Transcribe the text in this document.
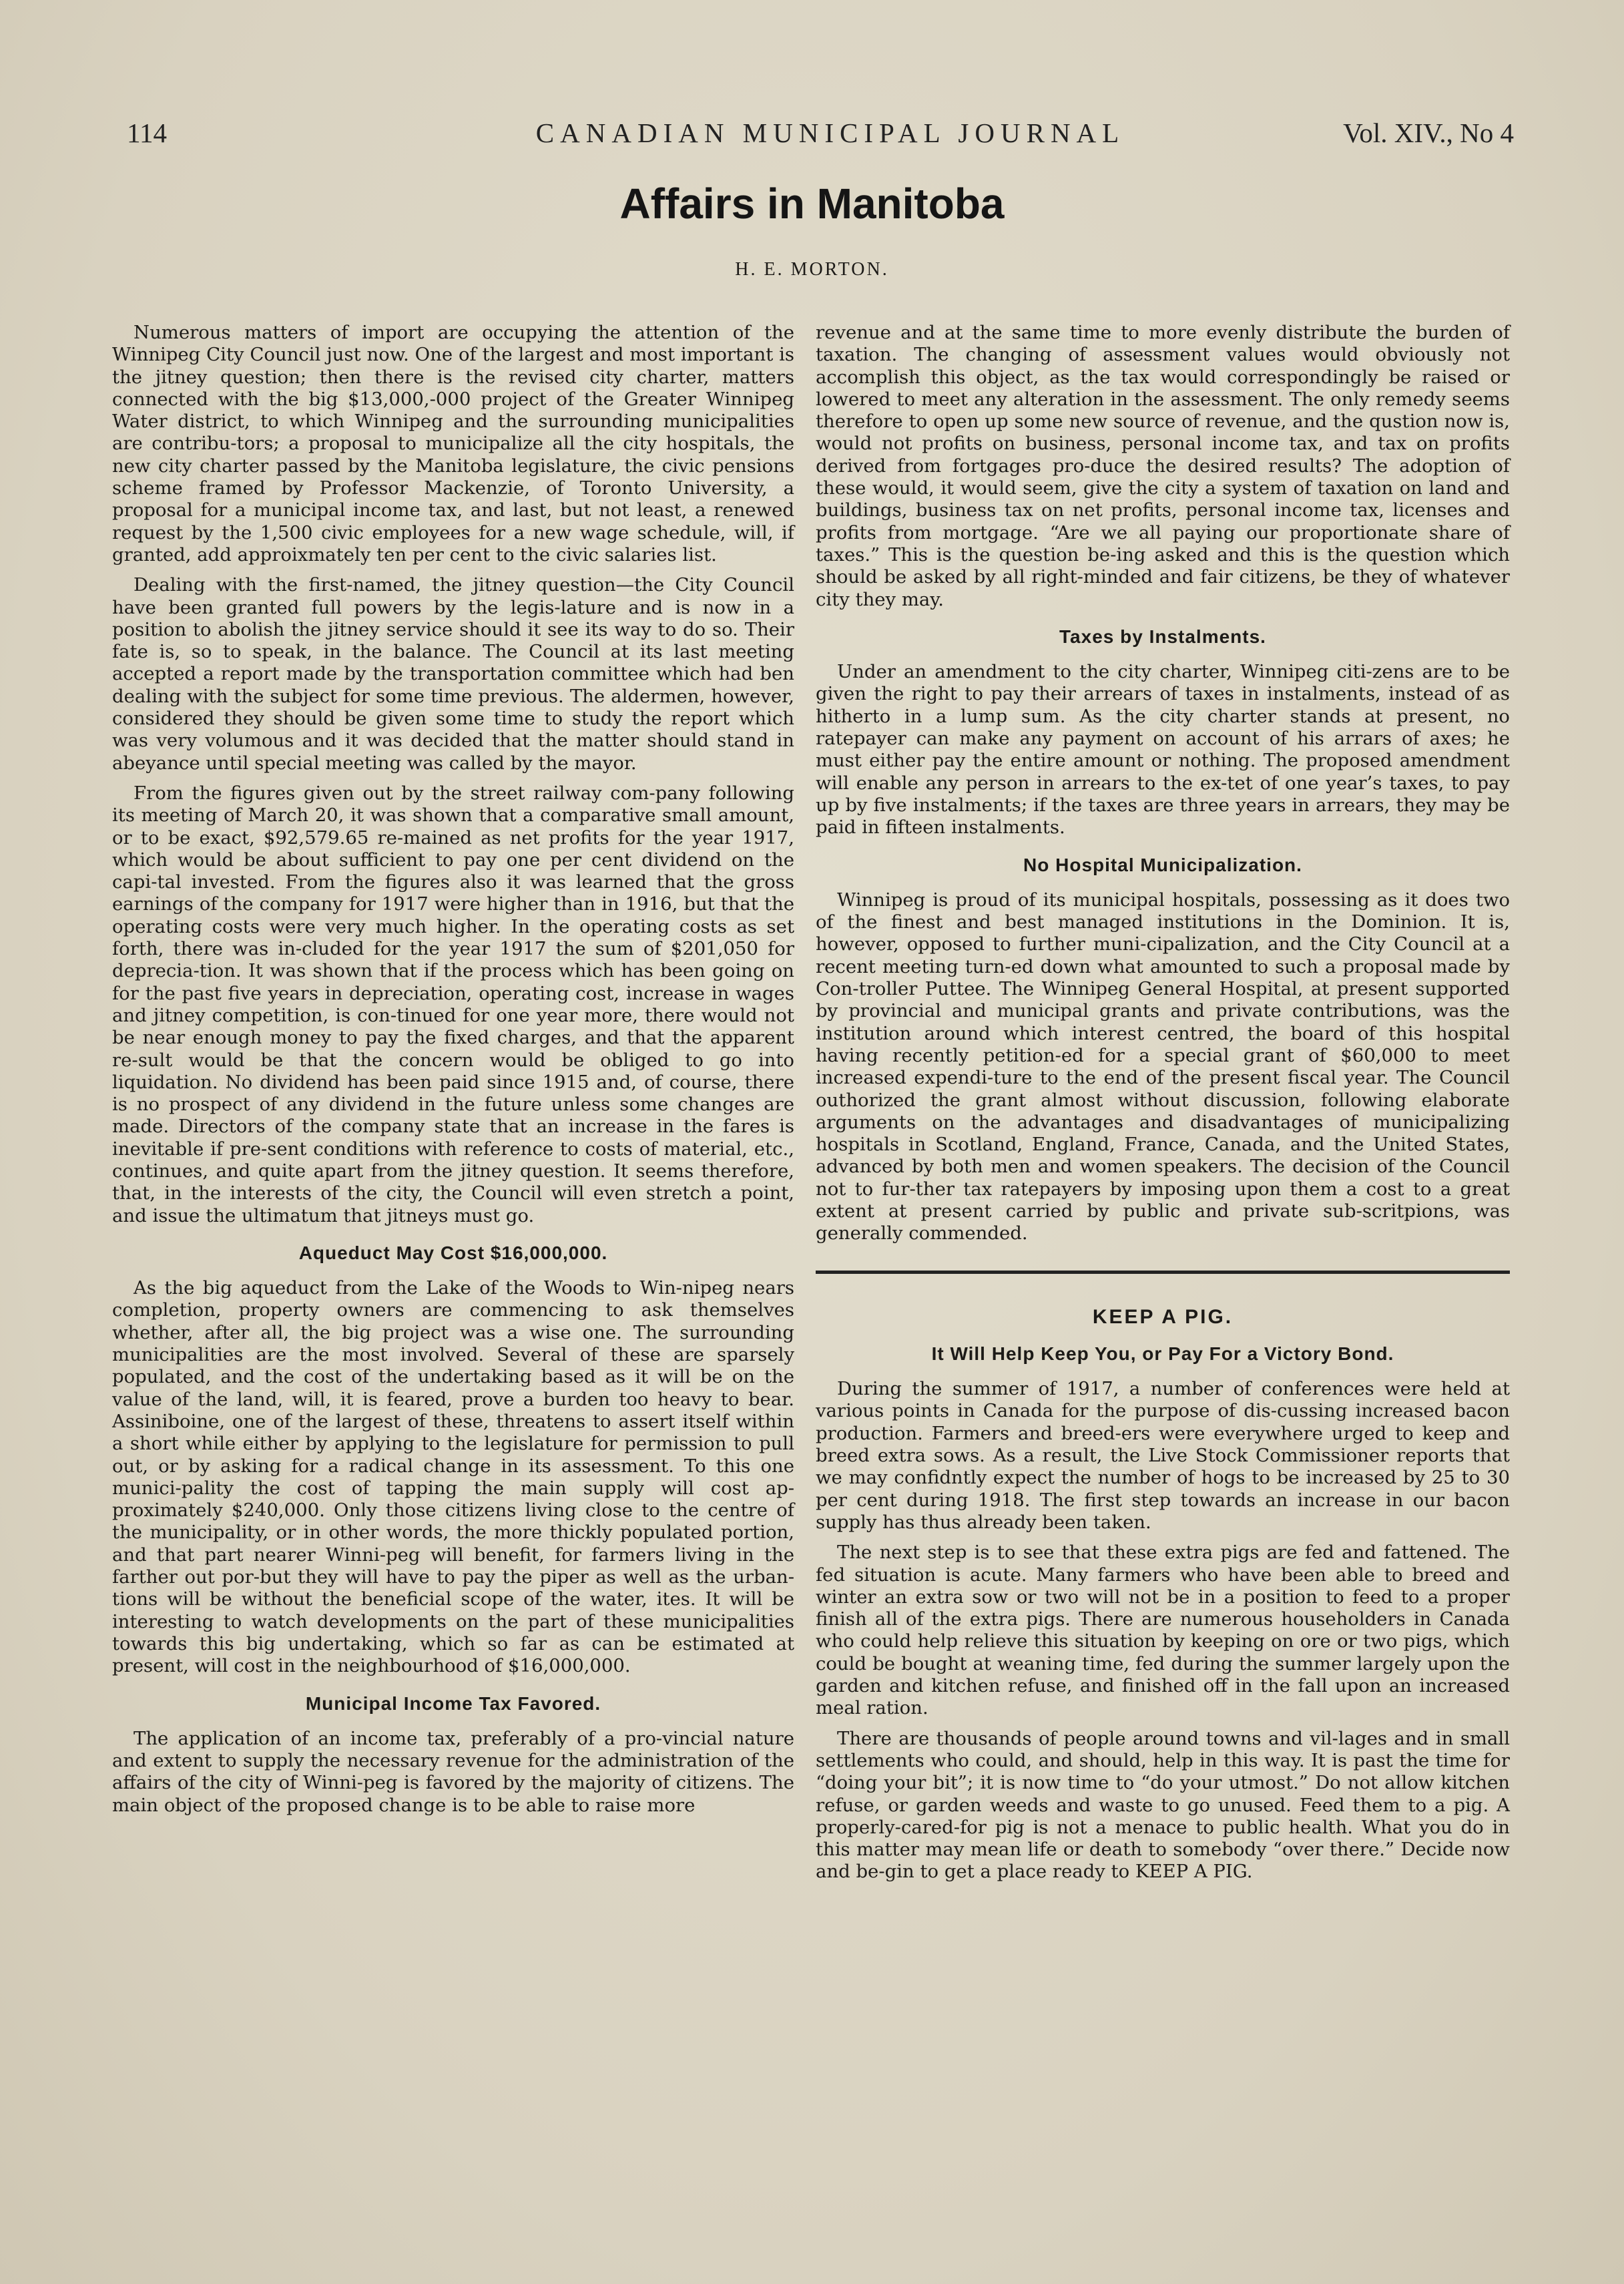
114	CANADIAN MUNICIPAL JOURNAL	Vol. XIV., No 4
Affairs in Manitoba
H. E. MORTON.

Numerous matters of import are occupying the attention of the Winnipeg City Council just now. One of the largest and most important is the jitney question; then there is the revised city charter, matters connected with the big $13,000,-000 project of the Greater Winnipeg Water district, to which Winnipeg and the surrounding municipalities are contribu-tors; a proposal to municipalize all the city hospitals, the new city charter passed by the Manitoba legislature, the civic pensions scheme framed by Professor Mackenzie, of Toronto University, a proposal for a municipal income tax, and last, but not least, a renewed request by the 1,500 civic employees for a new wage schedule, will, if granted, add approixmately ten per cent to the civic salaries list.

Dealing with the first-named, the jitney question—the City Council have been granted full powers by the legis-lature and is now in a position to abolish the jitney service should it see its way to do so. Their fate is, so to speak, in the balance. The Council at its last meeting accepted a report made by the transportation committee which had ben dealing with the subject for some time previous. The aldermen, however, considered they should be given some time to study the report which was very volumous and it was decided that the matter should stand in abeyance until special meeting was called by the mayor.

From the figures given out by the street railway com-pany following its meeting of March 20, it was shown that a comparative small amount, or to be exact, $92,579.65 re-mained as net profits for the year 1917, which would be about sufficient to pay one per cent dividend on the capi-tal invested. From the figures also it was learned that the gross earnings of the company for 1917 were higher than in 1916, but that the operating costs were very much higher. In the operating costs as set forth, there was in-cluded for the year 1917 the sum of $201,050 for deprecia-tion. It was shown that if the process which has been going on for the past five years in depreciation, operating cost, increase in wages and jitney competition, is con-tinued for one year more, there would not be near enough money to pay the fixed charges, and that the apparent re-sult would be that the concern would be obliged to go into liquidation. No dividend has been paid since 1915 and, of course, there is no prospect of any dividend in the future unless some changes are made. Directors of the company state that an increase in the fares is inevitable if pre-sent conditions with reference to costs of material, etc., continues, and quite apart from the jitney question. It seems therefore, that, in the interests of the city, the Council will even stretch a point, and issue the ultimatum that jitneys must go.

Aqueduct May Cost $16,000,000.

As the big aqueduct from the Lake of the Woods to Win-nipeg nears completion, property owners are commencing to ask themselves whether, after all, the big project was a wise one. The surrounding municipalities are the most involved. Several of these are sparsely populated, and the cost of the undertaking based as it will be on the value of the land, will, it is feared, prove a burden too heavy to bear. Assiniboine, one of the largest of these, threatens to assert itself within a short while either by applying to the legislature for permission to pull out, or by asking for a radical change in its assessment. To this one munici-pality the cost of tapping the main supply will cost ap-proximately $240,000. Only those citizens living close to the centre of the municipality, or in other words, the more thickly populated portion, and that part nearer Winni-peg will benefit, for farmers living in the farther out por-but they will have to pay the piper as well as the urban-tions will be without the beneficial scope of the water, ites. It will be interesting to watch developments on the part of these municipalities towards this big undertaking, which so far as can be estimated at present, will cost in the neighbourhood of $16,000,000.

Municipal Income Tax Favored.

The application of an income tax, preferably of a pro-vincial nature and extent to supply the necessary revenue for the administration of the affairs of the city of Winni-peg is favored by the majority of citizens. The main object of the proposed change is to be able to raise more

revenue and at the same time to more evenly distribute the burden of taxation. The changing of assessment values would obviously not accomplish this object, as the tax would correspondingly be raised or lowered to meet any alteration in the assessment. The only remedy seems therefore to open up some new source of revenue, and the qustion now is, would not profits on business, personal income tax, and tax on profits derived from fortgages pro-duce the desired results? The adoption of these would, it would seem, give the city a system of taxation on land and buildings, business tax on net profits, personal income tax, licenses and profits from mortgage. “Are we all paying our proportionate share of taxes.” This is the question be-ing asked and this is the question which should be asked by all right-minded and fair citizens, be they of whatever city they may.

Taxes by Instalments.

Under an amendment to the city charter, Winnipeg citi-zens are to be given the right to pay their arrears of taxes in instalments, instead of as hitherto in a lump sum. As the city charter stands at present, no ratepayer can make any payment on account of his arrars of axes; he must either pay the entire amount or nothing. The proposed amendment will enable any person in arrears to the ex-tet of one year’s taxes, to pay up by five instalments; if the taxes are three years in arrears, they may be paid in fifteen instalments.

No Hospital Municipalization.

Winnipeg is proud of its municipal hospitals, possessing as it does two of the finest and best managed institutions in the Dominion. It is, however, opposed to further muni-cipalization, and the City Council at a recent meeting turn-ed down what amounted to such a proposal made by Con-troller Puttee. The Winnipeg General Hospital, at present supported by provincial and municipal grants and private contributions, was the institution around which interest centred, the board of this hospital having recently petition-ed for a special grant of $60,000 to meet increased expendi-ture to the end of the present fiscal year. The Council outhorized the grant almost without discussion, following elaborate arguments on the advantages and disadvantages of municipalizing hospitals in Scotland, England, France, Canada, and the United States, advanced by both men and women speakers. The decision of the Council not to fur-ther tax ratepayers by imposing upon them a cost to a great extent at present carried by public and private sub-scritpions, was generally commended.

KEEP A PIG.
It Will Help Keep You, or Pay For a Victory Bond.

During the summer of 1917, a number of conferences were held at various points in Canada for the purpose of dis-cussing increased bacon production. Farmers and breed-ers were everywhere urged to keep and breed extra sows. As a result, the Live Stock Commissioner reports that we may confidntly expect the number of hogs to be increased by 25 to 30 per cent during 1918. The first step towards an increase in our bacon supply has thus already been taken.

The next step is to see that these extra pigs are fed and fattened. The fed situation is acute. Many farmers who have been able to breed and winter an extra sow or two will not be in a position to feed to a proper finish all of the extra pigs. There are numerous householders in Canada who could help relieve this situation by keeping on ore or two pigs, which could be bought at weaning time, fed during the summer largely upon the garden and kitchen refuse, and finished off in the fall upon an increased meal ration.

There are thousands of people around towns and vil-lages and in small settlements who could, and should, help in this way. It is past the time for “doing your bit”; it is now time to “do your utmost.” Do not allow kitchen refuse, or garden weeds and waste to go unused. Feed them to a pig. A properly-cared-for pig is not a menace to public health. What you do in this matter may mean life or death to somebody “over there.” Decide now and be-gin to get a place ready to KEEP A PIG.
